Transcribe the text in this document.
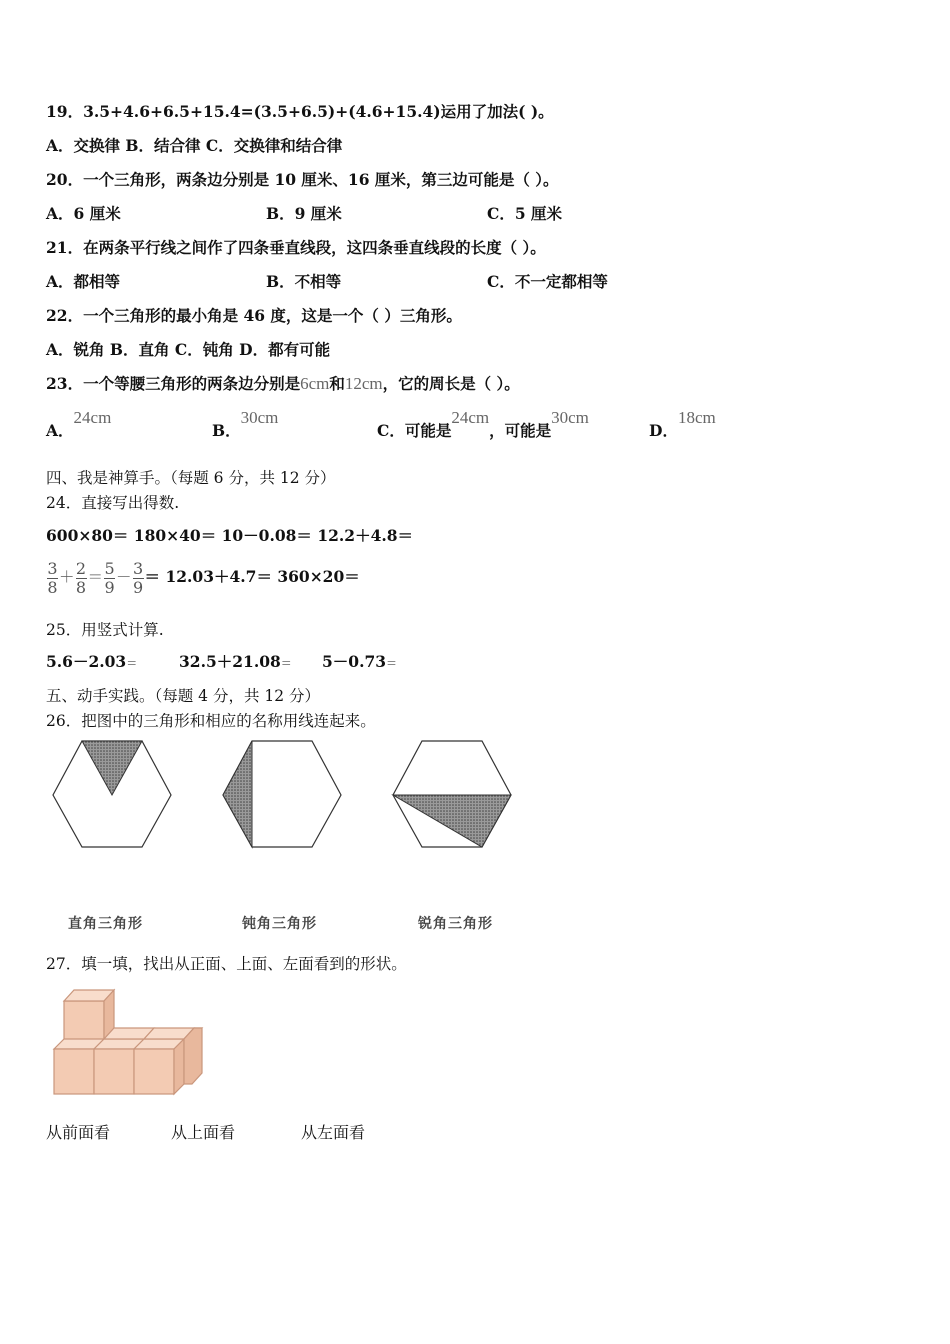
19．3.5+4.6+6.5+15.4=(3.5+6.5)+(4.6+15.4)运用了加法( )。
A．交换律 B．结合律 C．交换律和结合律
20．一个三角形，两条边分别是 10 厘米、16 厘米，第三边可能是（ ）。
A．6 厘米	B．9 厘米	C．5 厘米
21．在两条平行线之间作了四条垂直线段，这四条垂直线段的长度（ ）。
A．都相等	B．不相等	C．不一定都相等
22．一个三角形的最小角是 46 度，这是一个（ ）三角形。
A．锐角 B．直角 C．钝角 D．都有可能
23．一个等腰三角形的两条边分别是6cm和12cm，它的周长是（ ）。
A．24cm
B．30cm
C．可能是24cm，可能是30cm
D．18cm
四、我是神算手。（每题 6 分，共 12 分）
24．直接写出得数.
600×80＝ 180×40＝ 10－0.08＝ 12.2＋4.8＝
$\frac{3}{8} + \frac{2}{8} = \frac{5}{9} - \frac{3}{9} = 12.03+4.7= 360\times 20=$
25．用竖式计算.
5.6－2.03＝	32.5＋21.08＝ 5－0.73＝
五、动手实践。（每题 4 分，共 12 分）
26．把图中的三角形和相应的名称用线连起来。
直角三角形	钝角三角形	锐角三角形
27．填一填，找出从正面、上面、左面看到的形状。
从前面看	从上面看	从左面看
